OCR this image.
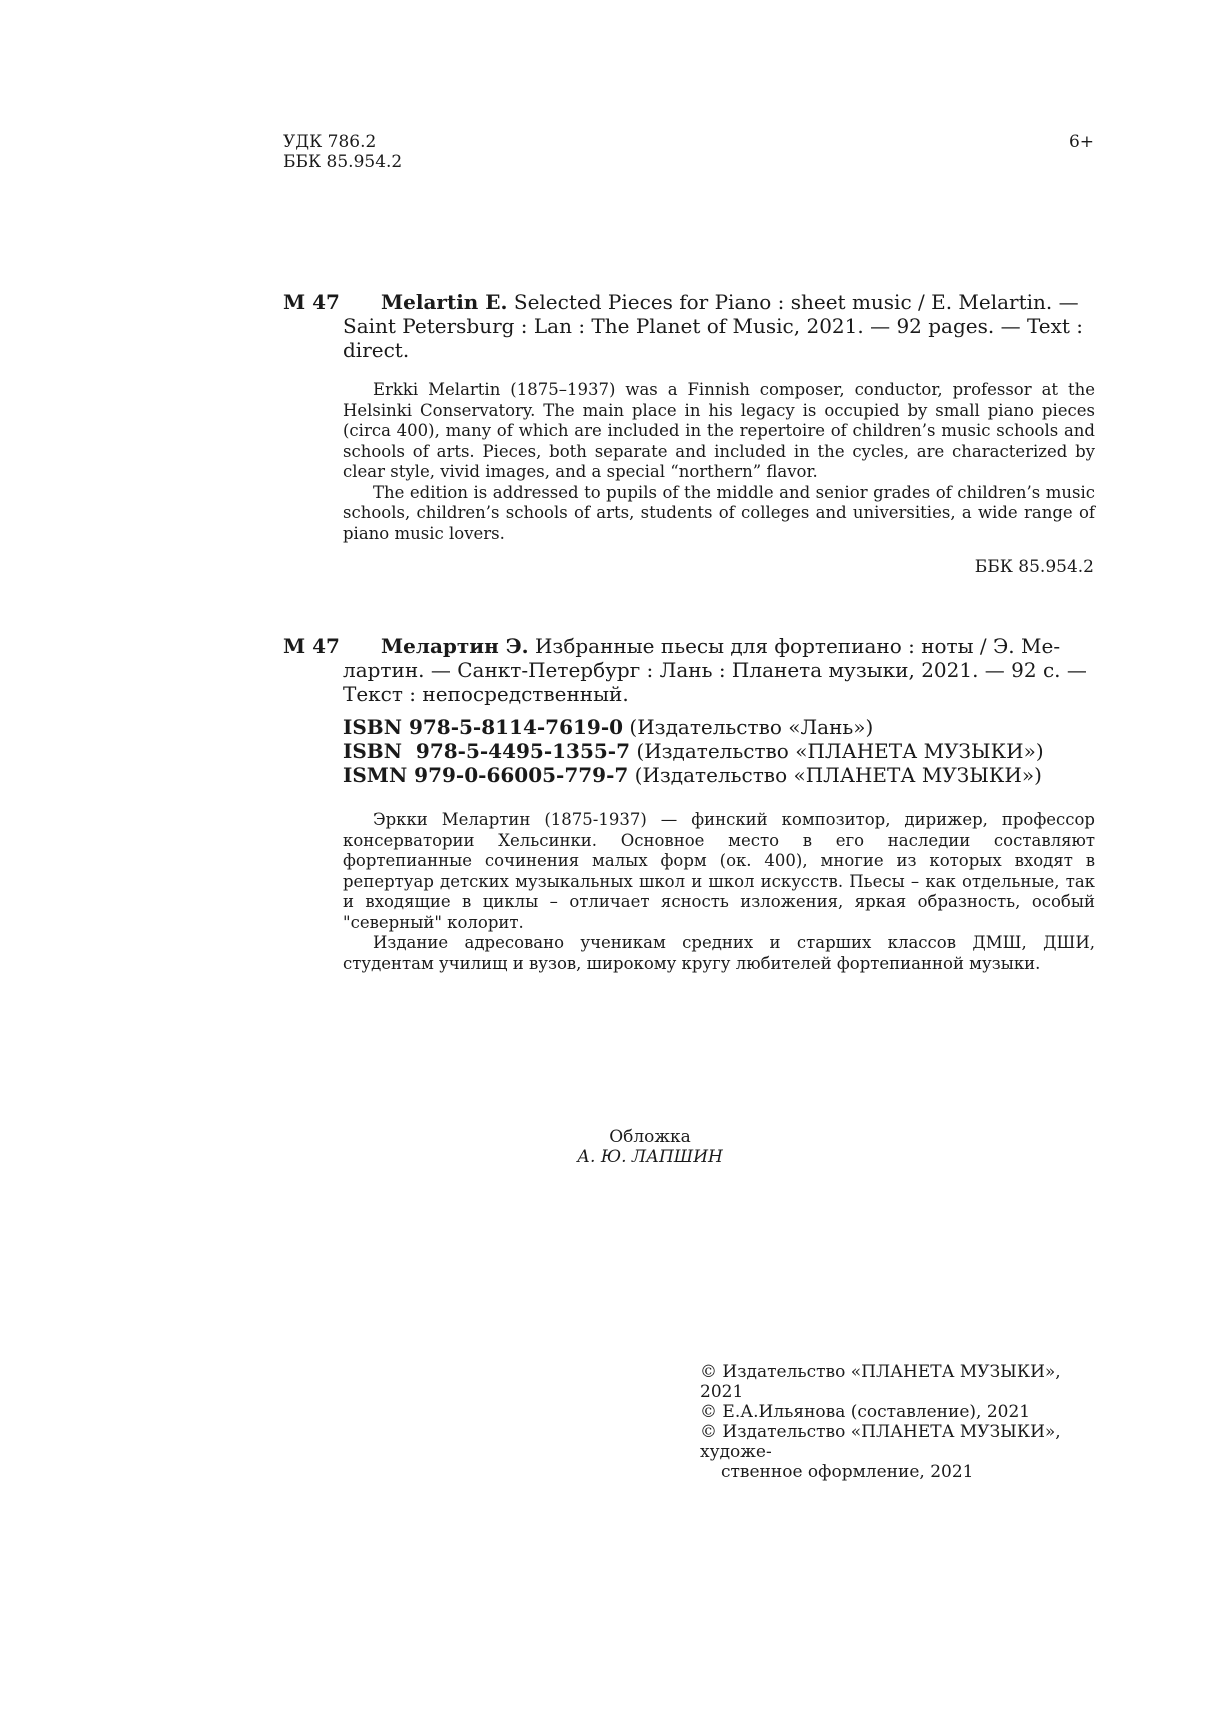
УДК 786.2
ББК 85.954.2
6+
M 47	Melartin E. Selected Pieces for Piano : sheet music / E. Melartin. —
Saint Petersburg : Lan : The Planet of Music, 2021. — 92 pages. — Text :
direct.

Erkki Melartin (1875–1937) was a Finnish composer, conductor, professor at the Helsinki Conservatory. The main place in his legacy is occupied by small piano pieces (circa 400), many of which are included in the repertoire of children’s music schools and schools of arts. Pieces, both separate and included in the cycles, are characterized by clear style, vivid images, and a special “northern” flavor.

The edition is addressed to pupils of the middle and senior grades of children’s music schools, children’s schools of arts, students of colleges and universities, a wide range of piano music lovers.

ББК 85.954.2
М 47	Мелартин Э. Избранные пьесы для фортепиано : ноты / Э. Ме-
лартин. — Санкт-Петербург : Лань : Планета музыки, 2021. — 92 с. —
Текст : непосредственный.
ISBN 978-5-8114-7619-0 (Издательство «Лань»)
ISBN  978-5-4495-1355-7 (Издательство «ПЛАНЕТА МУЗЫКИ»)
ISMN 979-0-66005-779-7 (Издательство «ПЛАНЕТА МУЗЫКИ»)

Эркки Мелартин (1875-1937) — финский композитор, дирижер, профессор консерватории Хельсинки. Основное место в его наследии составляют фортепианные сочинения малых форм (ок. 400), многие из которых входят в репертуар детских музыкальных школ и школ искусств. Пьесы – как отдельные, так и входящие в циклы – отличает ясность изложения, яркая образность, особый "северный" колорит.

Издание адресовано ученикам средних и старших классов ДМШ, ДШИ, студентам училищ и вузов, широкому кругу любителей фортепианной музыки.

Обложка
А. Ю. ЛАПШИН
© Издательство «ПЛАНЕТА МУЗЫКИ», 2021
© Е.А.Ильянова (составление), 2021
© Издательство «ПЛАНЕТА МУЗЫКИ», художе-
ственное оформление, 2021
